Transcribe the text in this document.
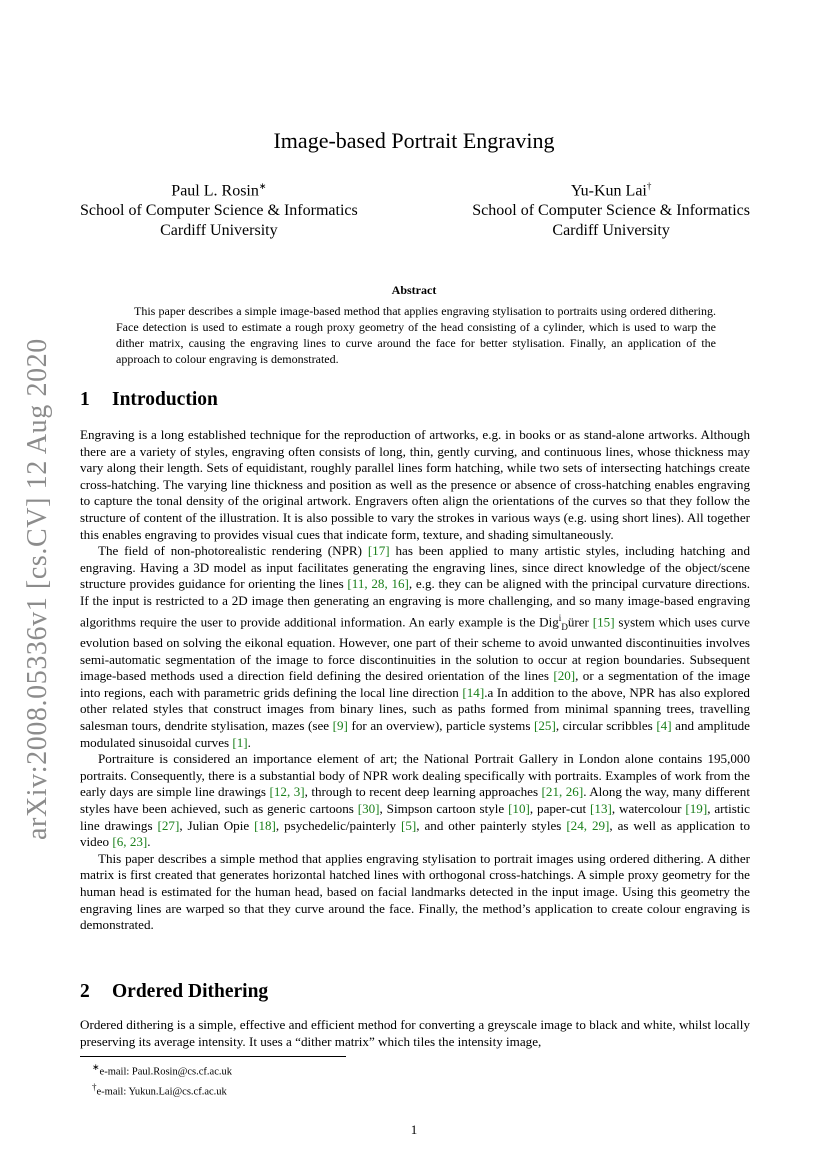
arXiv:2008.05336v1 [cs.CV] 12 Aug 2020
Image-based Portrait Engraving
Paul L. Rosin∗
School of Computer Science & Informatics
Cardiff University
Yu-Kun Lai†
School of Computer Science & Informatics
Cardiff University
Abstract
This paper describes a simple image-based method that applies engraving stylisation to portraits using ordered dithering. Face detection is used to estimate a rough proxy geometry of the head consisting of a cylinder, which is used to warp the dither matrix, causing the engraving lines to curve around the face for better stylisation. Finally, an application of the approach to colour engraving is demonstrated.
1 Introduction

Engraving is a long established technique for the reproduction of artworks, e.g. in books or as stand-alone artworks. Although there are a variety of styles, engraving often consists of long, thin, gently curving, and continuous lines, whose thickness may vary along their length. Sets of equidistant, roughly parallel lines form hatching, while two sets of intersecting hatchings create cross-hatching. The varying line thickness and position as well as the presence or absence of cross-hatching enables engraving to capture the tonal density of the original artwork. Engravers often align the orientations of the curves so that they follow the structure of content of the illustration. It is also possible to vary the strokes in various ways (e.g. using short lines). All together this enables engraving to provides visual cues that indicate form, texture, and shading simultaneously.

The field of non-photorealistic rendering (NPR) [17] has been applied to many artistic styles, including hatching and engraving. Having a 3D model as input facilitates generating the engraving lines, since direct knowledge of the object/scene structure provides guidance for orienting the lines [11, 28, 16], e.g. they can be aligned with the principal curvature directions. If the input is restricted to a 2D image then generating an engraving is more challenging, and so many image-based engraving algorithms require the user to provide additional information. An early example is the Dig$^i_D$ürer [15] system which uses curve evolution based on solving the eikonal equation. However, one part of their scheme to avoid unwanted discontinuities involves semi-automatic segmentation of the image to force discontinuities in the solution to occur at region boundaries. Subsequent image-based methods used a direction field defining the desired orientation of the lines [20], or a segmentation of the image into regions, each with parametric grids defining the local line direction [14].a In addition to the above, NPR has also explored other related styles that construct images from binary lines, such as paths formed from minimal spanning trees, travelling salesman tours, dendrite stylisation, mazes (see [9] for an overview), particle systems [25], circular scribbles [4] and amplitude modulated sinusoidal curves [1].

Portraiture is considered an importance element of art; the National Portrait Gallery in London alone contains 195,000 portraits. Consequently, there is a substantial body of NPR work dealing specifically with portraits. Examples of work from the early days are simple line drawings [12, 3], through to recent deep learning approaches [21, 26]. Along the way, many different styles have been achieved, such as generic cartoons [30], Simpson cartoon style [10], paper-cut [13], watercolour [19], artistic line drawings [27], Julian Opie [18], psychedelic/painterly [5], and other painterly styles [24, 29], as well as application to video [6, 23].

This paper describes a simple method that applies engraving stylisation to portrait images using ordered dithering. A dither matrix is first created that generates horizontal hatched lines with orthogonal cross-hatchings. A simple proxy geometry for the human head is estimated for the human head, based on facial landmarks detected in the input image. Using this geometry the engraving lines are warped so that they curve around the face. Finally, the method’s application to create colour engraving is demonstrated.

2 Ordered Dithering

Ordered dithering is a simple, effective and efficient method for converting a greyscale image to black and white, whilst locally preserving its average intensity. It uses a “dither matrix” which tiles the intensity image,

∗e-mail: Paul.Rosin@cs.cf.ac.uk
†e-mail: Yukun.Lai@cs.cf.ac.uk
1
